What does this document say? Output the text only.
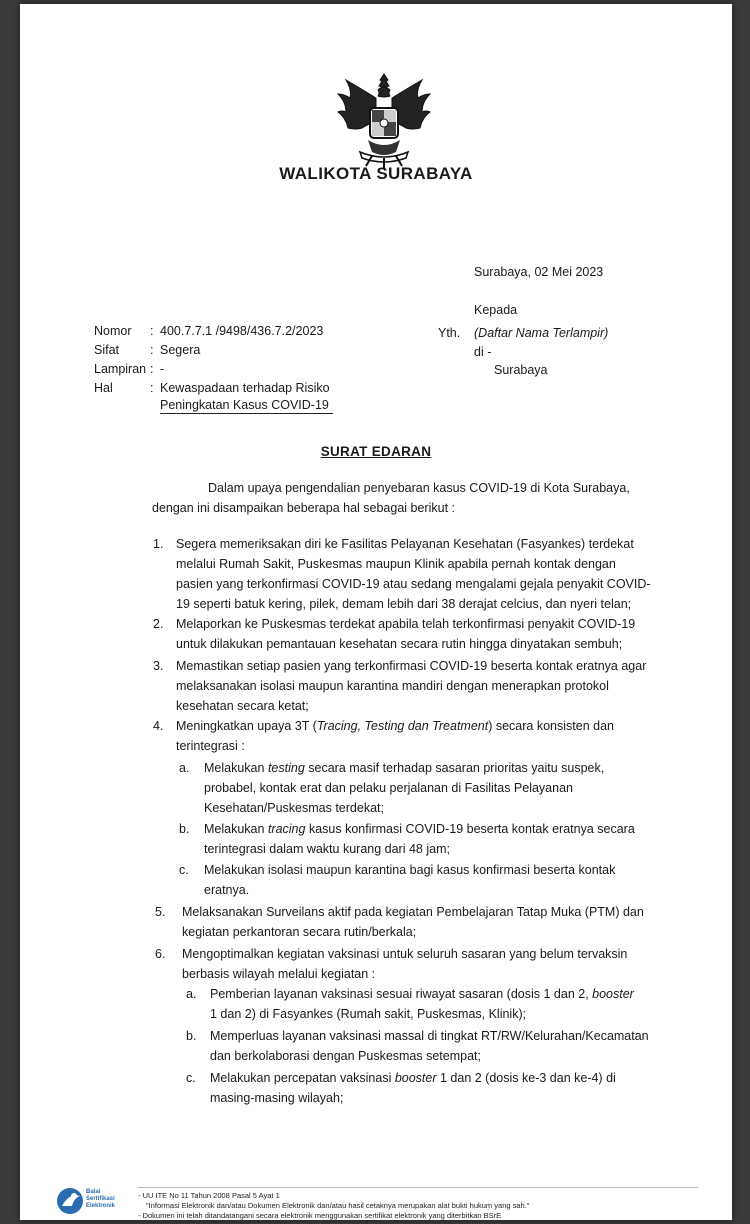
WALIKOTA SURABAYA
Surabaya, 02 Mei 2023
Kepada
Yth. (Daftar Nama Terlampir)
di -
Surabaya
Nomor	: 400.7.7.1 /9498/436.7.2/2023
Sifat	: Segera
Lampiran : -
Hal	: Kewaspadaan terhadap Risiko
Peningkatan Kasus COVID-19
SURAT EDARAN
Dalam upaya pengendalian penyebaran kasus COVID-19 di Kota Surabaya,
dengan ini disampaikan beberapa hal sebagai berikut :
1. Segera memeriksakan diri ke Fasilitas Pelayanan Kesehatan (Fasyankes) terdekat
melalui Rumah Sakit, Puskesmas maupun Klinik apabila pernah kontak dengan
pasien yang terkonfirmasi COVID-19 atau sedang mengalami gejala penyakit COVID-
19 seperti batuk kering, pilek, demam lebih dari 38 derajat celcius, dan nyeri telan;
2. Melaporkan ke Puskesmas terdekat apabila telah terkonfirmasi penyakit COVID-19
untuk dilakukan pemantauan kesehatan secara rutin hingga dinyatakan sembuh;
3. Memastikan setiap pasien yang terkonfirmasi COVID-19 beserta kontak eratnya agar
melaksanakan isolasi maupun karantina mandiri dengan menerapkan protokol
kesehatan secara ketat;
4. Meningkatkan upaya 3T (Tracing, Testing dan Treatment) secara konsisten dan
terintegrasi :
a. Melakukan testing secara masif terhadap sasaran prioritas yaitu suspek,
probabel, kontak erat dan pelaku perjalanan di Fasilitas Pelayanan
Kesehatan/Puskesmas terdekat;
b. Melakukan tracing kasus konfirmasi COVID-19 beserta kontak eratnya secara
terintegrasi dalam waktu kurang dari 48 jam;
c. Melakukan isolasi maupun karantina bagi kasus konfirmasi beserta kontak
eratnya.
5. Melaksanakan Surveilans aktif pada kegiatan Pembelajaran Tatap Muka (PTM) dan
kegiatan perkantoran secara rutin/berkala;
6. Mengoptimalkan kegiatan vaksinasi untuk seluruh sasaran yang belum tervaksin
berbasis wilayah melalui kegiatan :
a. Pemberian layanan vaksinasi sesuai riwayat sasaran (dosis 1 dan 2, booster
1 dan 2) di Fasyankes (Rumah sakit, Puskesmas, Klinik);
b. Memperluas layanan vaksinasi massal di tingkat RT/RW/Kelurahan/Kecamatan
dan berkolaborasi dengan Puskesmas setempat;
c. Melakukan percepatan vaksinasi booster 1 dan 2 (dosis ke-3 dan ke-4) di
masing-masing wilayah;
Balai
Sertifikasi
Elektronik
- UU ITE No 11 Tahun 2008 Pasal 5 Ayat 1
"Informasi Elektronik dan/atau Dokumen Elektronik dan/atau hasil cetaknya merupakan alat bukti hukum yang sah."
- Dokumen ini telah ditandatangani secara elektronik menggunakan sertifikat elektronik yang diterbitkan BSrE
